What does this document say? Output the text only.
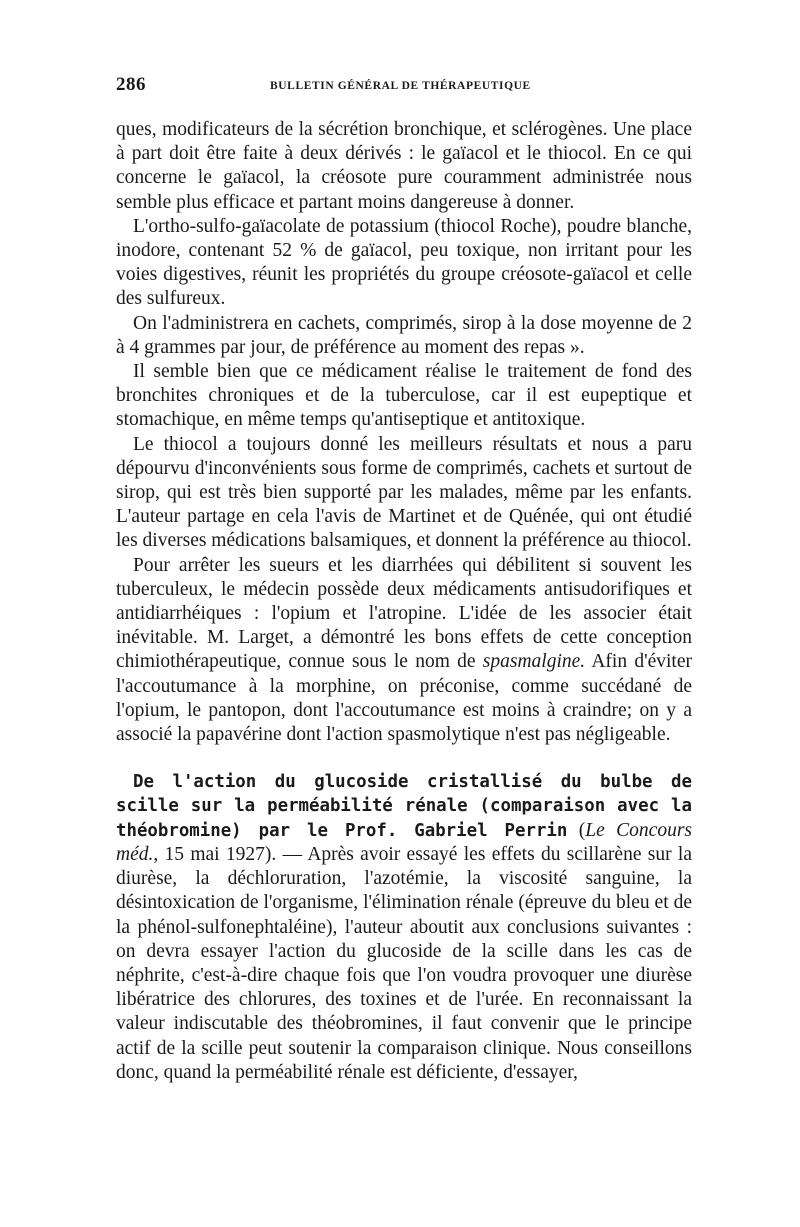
286	BULLETIN GÉNÉRAL DE THÉRAPEUTIQUE

ques, modificateurs de la sécrétion bronchique, et sclérogènes. Une place à part doit être faite à deux dérivés : le gaïacol et le thiocol. En ce qui concerne le gaïacol, la créosote pure couramment administrée nous semble plus efficace et partant moins dangereuse à donner.

L'ortho-sulfo-gaïacolate de potassium (thiocol Roche), poudre blanche, inodore, contenant 52 % de gaïacol, peu toxique, non irritant pour les voies digestives, réunit les propriétés du groupe créosote-gaïacol et celle des sulfureux.

On l'administrera en cachets, comprimés, sirop à la dose moyenne de 2 à 4 grammes par jour, de préférence au moment des repas ».

Il semble bien que ce médicament réalise le traitement de fond des bronchites chroniques et de la tuberculose, car il est eupeptique et stomachique, en même temps qu'antiseptique et antitoxique.

Le thiocol a toujours donné les meilleurs résultats et nous a paru dépourvu d'inconvénients sous forme de comprimés, cachets et surtout de sirop, qui est très bien supporté par les malades, même par les enfants. L'auteur partage en cela l'avis de Martinet et de Quénée, qui ont étudié les diverses médications balsamiques, et donnent la préférence au thiocol.

Pour arrêter les sueurs et les diarrhées qui débilitent si souvent les tuberculeux, le médecin possède deux médicaments antisudorifiques et antidiarrhéiques : l'opium et l'atropine. L'idée de les associer était inévitable. M. Larget, a démontré les bons effets de cette conception chimiothérapeutique, connue sous le nom de spasmalgine. Afin d'éviter l'accoutumance à la morphine, on préconise, comme succédané de l'opium, le pantopon, dont l'accoutumance est moins à craindre; on y a associé la papavérine dont l'action spasmolytique n'est pas négligeable.

De l'action du glucoside cristallisé du bulbe de scille sur la perméabilité rénale (comparaison avec la théobromine) par le Prof. Gabriel Perrin (Le Concours méd., 15 mai 1927). — Après avoir essayé les effets du scillarène sur la diurèse, la déchloruration, l'azotémie, la viscosité sanguine, la désintoxication de l'organisme, l'élimination rénale (épreuve du bleu et de la phénol-sulfonephtaléine), l'auteur aboutit aux conclusions suivantes : on devra essayer l'action du glucoside de la scille dans les cas de néphrite, c'est-à-dire chaque fois que l'on voudra provoquer une diurèse libératrice des chlorures, des toxines et de l'urée. En reconnaissant la valeur indiscutable des théobromines, il faut convenir que le principe actif de la scille peut soutenir la comparaison clinique. Nous conseillons donc, quand la perméabilité rénale est déficiente, d'essayer,
